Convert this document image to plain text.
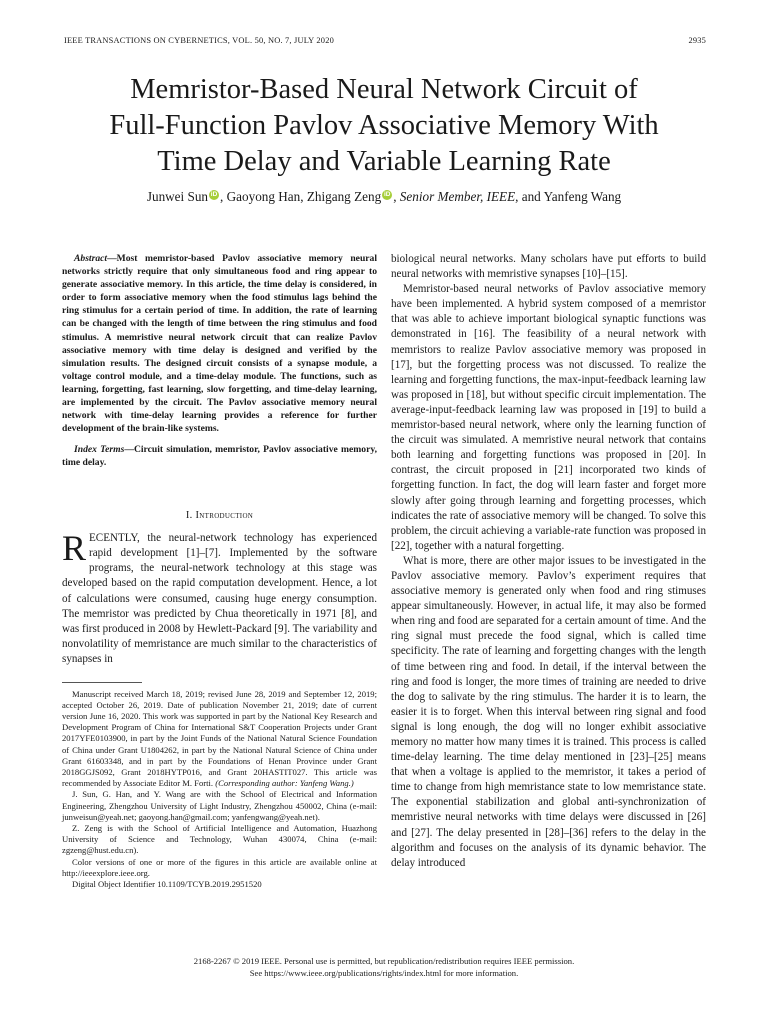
IEEE TRANSACTIONS ON CYBERNETICS, VOL. 50, NO. 7, JULY 2020	2935
Memristor-Based Neural Network Circuit of
Full-Function Pavlov Associative Memory With
Time Delay and Variable Learning Rate
Junwei Sun iD , Gaoyong Han, Zhigang Zeng iD , Senior Member, IEEE, and Yanfeng Wang

Abstract—Most memristor-based Pavlov associative memory neural networks strictly require that only simultaneous food and ring appear to generate associative memory. In this article, the time delay is considered, in order to form associative memory when the food stimulus lags behind the ring stimulus for a certain period of time. In addition, the rate of learning can be changed with the length of time between the ring stimulus and food stimulus. A memristive neural network circuit that can realize Pavlov associative memory with time delay is designed and verified by the simulation results. The designed circuit consists of a synapse module, a voltage control module, and a time-delay module. The functions, such as learning, forgetting, fast learning, slow forgetting, and time-delay learning, are implemented by the circuit. The Pavlov associative memory neural network with time-delay learning provides a reference for further development of the brain-like systems.

Index Terms—Circuit simulation, memristor, Pavlov associative memory, time delay.

I. Introduction

RECENTLY, the neural-network technology has experienced rapid development [1]–[7]. Implemented by the software programs, the neural-network technology at this stage was developed based on the rapid computation development. Hence, a lot of calculations were consumed, causing huge energy consumption. The memristor was predicted by Chua theoretically in 1971 [8], and was first produced in 2008 by Hewlett-Packard [9]. The variability and nonvolatility of memristance are much similar to the characteristics of synapses in

Manuscript received March 18, 2019; revised June 28, 2019 and September 12, 2019; accepted October 26, 2019. Date of publication November 21, 2019; date of current version June 16, 2020. This work was supported in part by the National Key Research and Development Program of China for International S&T Cooperation Projects under Grant 2017YFE0103900, in part by the Joint Funds of the National Natural Science Foundation of China under Grant U1804262, in part by the National Natural Science of China under Grant 61603348, and in part by the Foundations of Henan Province under Grant 2018GGJS092, Grant 2018HYTP016, and Grant 20HASTIT027. This article was recommended by Associate Editor M. Forti. (Corresponding author: Yanfeng Wang.)

J. Sun, G. Han, and Y. Wang are with the School of Electrical and Information Engineering, Zhengzhou University of Light Industry, Zhengzhou 450002, China (e-mail: junweisun@yeah.net; gaoyong.han@gmail.com; yanfengwang@yeah.net).

Z. Zeng is with the School of Artificial Intelligence and Automation, Huazhong University of Science and Technology, Wuhan 430074, China (e-mail: zgzeng@hust.edu.cn).

Color versions of one or more of the figures in this article are available online at http://ieeexplore.ieee.org.

Digital Object Identifier 10.1109/TCYB.2019.2951520

biological neural networks. Many scholars have put efforts to build neural networks with memristive synapses [10]–[15].

Memristor-based neural networks of Pavlov associative memory have been implemented. A hybrid system composed of a memristor that was able to achieve important biological synaptic functions was demonstrated in [16]. The feasibility of a neural network with memristors to realize Pavlov associative memory was proposed in [17], but the forgetting process was not discussed. To realize the learning and forgetting functions, the max-input-feedback learning law was proposed in [18], but without specific circuit implementation. The average-input-feedback learning law was proposed in [19] to build a memristor-based neural network, where only the learning function of the circuit was simulated. A memristive neural network that contains both learning and forgetting functions was proposed in [20]. In contrast, the circuit proposed in [21] incorporated two kinds of forgetting function. In fact, the dog will learn faster and forget more slowly after going through learning and forgetting processes, which indicates the rate of associative memory will be changed. To solve this problem, the circuit achieving a variable-rate function was proposed in [22], together with a natural forgetting.

What is more, there are other major issues to be investigated in the Pavlov associative memory. Pavlov’s experiment requires that associative memory is generated only when food and ring stimuses appear simultaneously. However, in actual life, it may also be formed when ring and food are separated for a certain amount of time. And the ring signal must precede the food signal, which is called time specificity. The rate of learning and forgetting changes with the length of time between ring and food. In detail, if the interval between the ring and food is longer, the more times of training are needed to drive the dog to salivate by the ring stimulus. The harder it is to learn, the easier it is to forget. When this interval between ring signal and food signal is long enough, the dog will no longer exhibit associative memory no matter how many times it is trained. This process is called time-delay learning. The time delay mentioned in [23]–[25] means that when a voltage is applied to the memristor, it takes a period of time to change from high memristance state to low memristance state. The exponential stabilization and global anti-synchronization of memristive neural networks with time delays were discussed in [26] and [27]. The delay presented in [28]–[36] refers to the delay in the algorithm and focuses on the analysis of its dynamic behavior. The delay introduced

2168-2267 © 2019 IEEE. Personal use is permitted, but republication/redistribution requires IEEE permission.
See https://www.ieee.org/publications/rights/index.html for more information.
